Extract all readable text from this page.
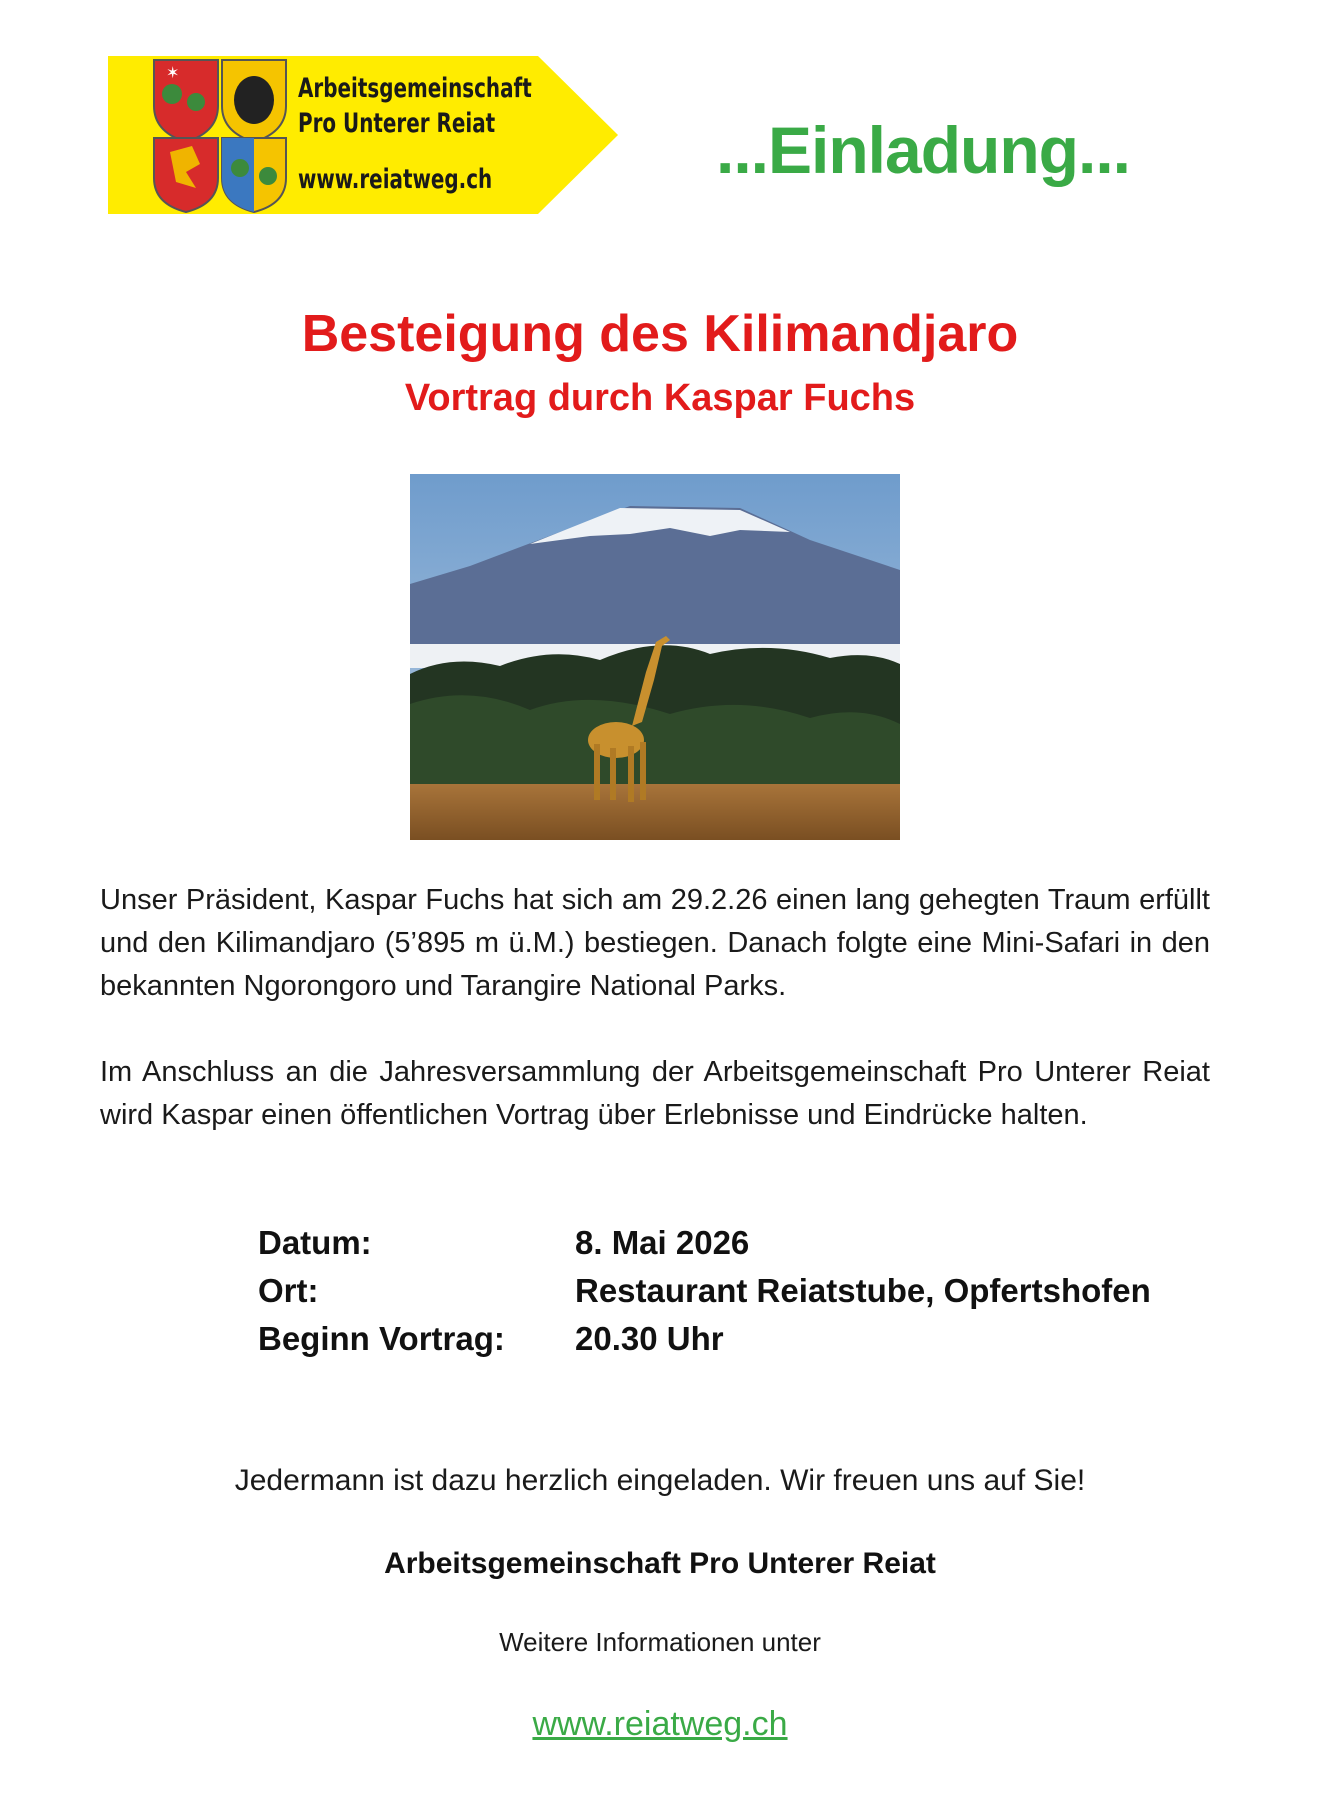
✶
Arbeitsgemeinschaft
Pro Unterer Reiat
www.reiatweg.ch	...Einladung...
Besteigung des Kilimandjaro
Vortrag durch Kaspar Fuchs
Unser Präsident, Kaspar Fuchs hat sich am 29.2.26 einen lang gehegten Traum erfüllt und den Kilimandjaro (5’895 m ü.M.) bestiegen. Danach folgte eine Mini-Safari in den bekannten Ngorongoro und Tarangire National Parks.
Im Anschluss an die Jahresversammlung der Arbeitsgemeinschaft Pro Unterer Reiat wird Kaspar einen öffentlichen Vortrag über Erlebnisse und Eindrücke halten.
Datum:	8. Mai 2026
Ort:	Restaurant Reiatstube, Opfertshofen
Beginn Vortrag: 20.30 Uhr
Jedermann ist dazu herzlich eingeladen. Wir freuen uns auf Sie!
Arbeitsgemeinschaft Pro Unterer Reiat
Weitere Informationen unter
www.reiatweg.ch
